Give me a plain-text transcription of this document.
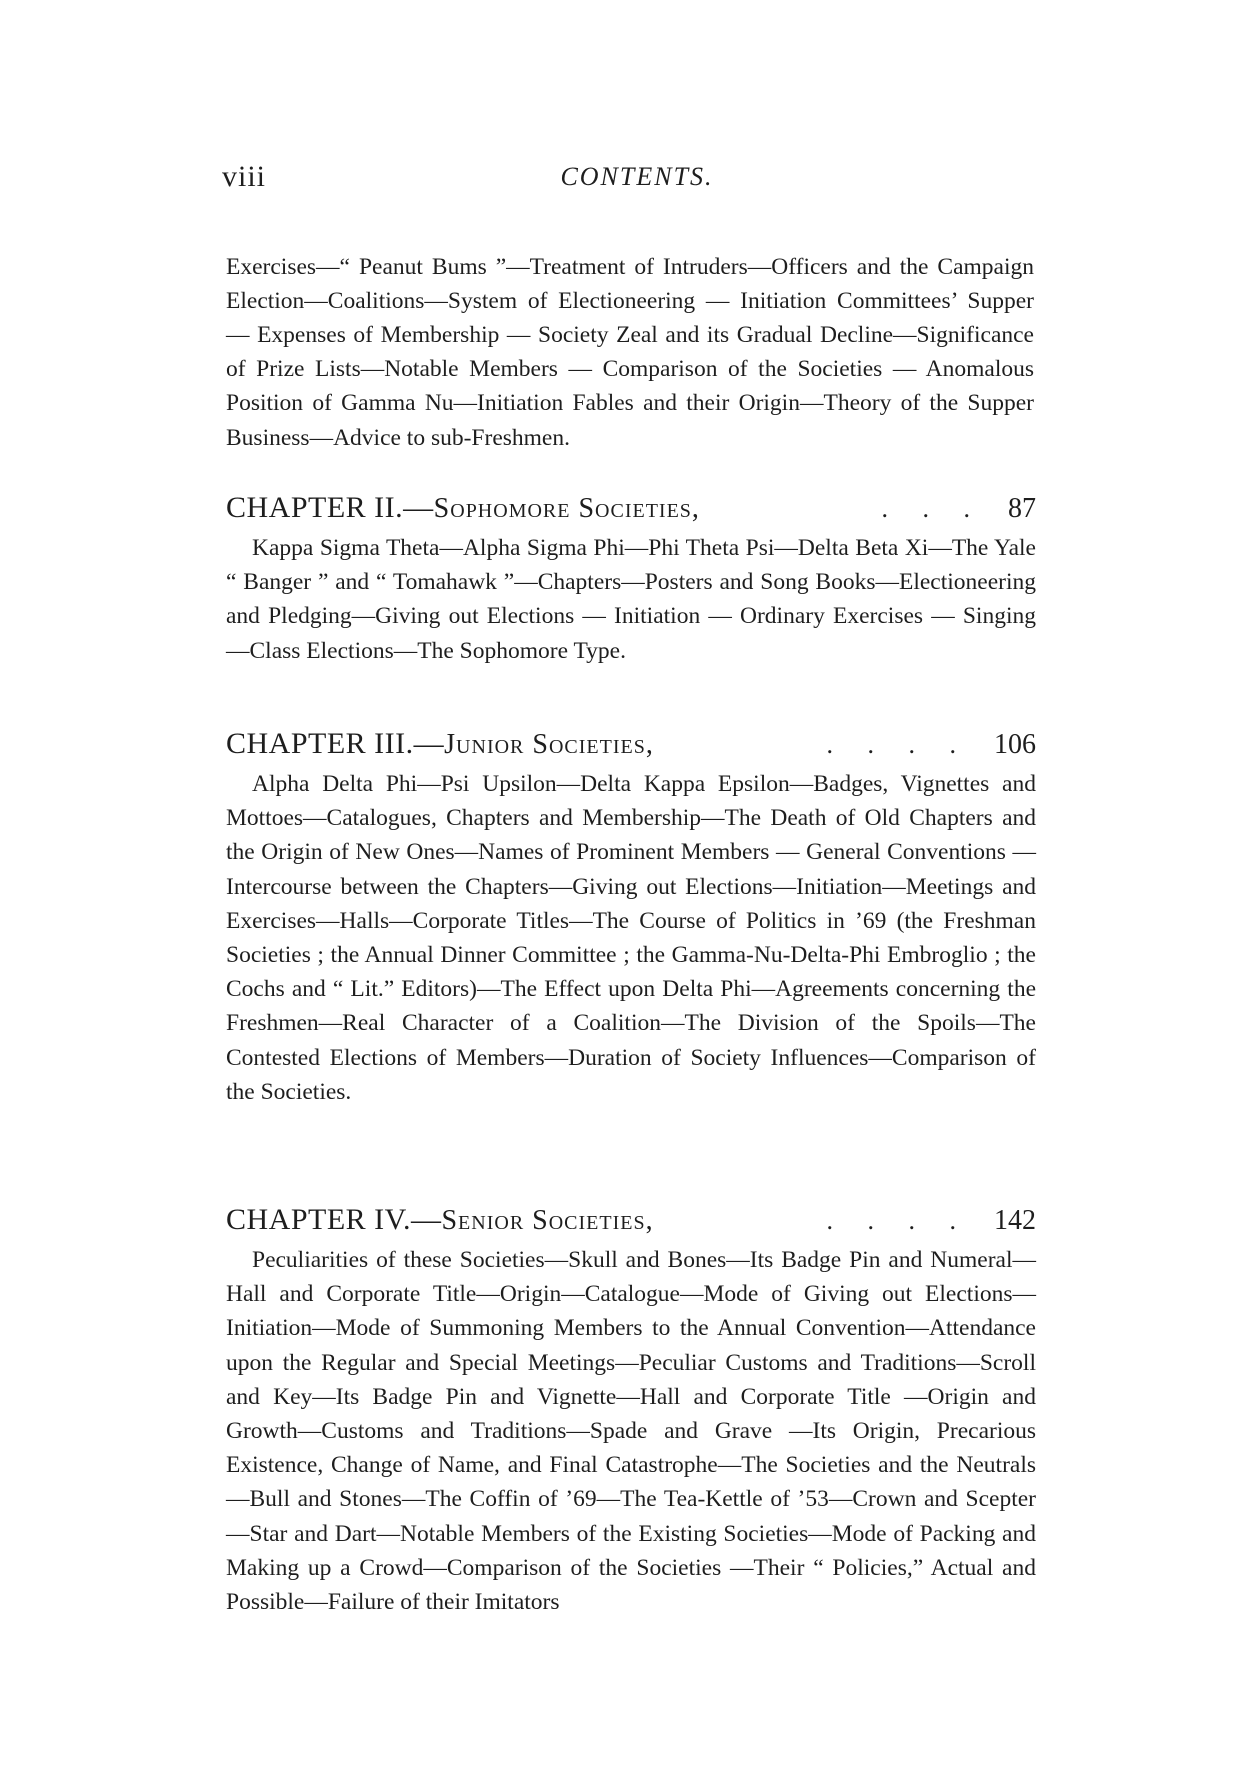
viii	CONTENTS.

Exercises—“ Peanut Bums ”—Treatment of Intruders—Officers and the Campaign Election—Coalitions—System of Electioneering — Initiation Committees’ Supper — Expenses of Membership — Society Zeal and its Gradual Decline—Significance of Prize Lists—Notable Members — Comparison of the Societies — Anomalous Position of Gamma Nu—Initiation Fables and their Origin—Theory of the Supper Business—Advice to sub-Freshmen.

CHAPTER II.— Sophomore Societies,	. . . 87

Kappa Sigma Theta—Alpha Sigma Phi—Phi Theta Psi—Delta Beta Xi—The Yale “ Banger ” and “ Tomahawk ”—Chapters—Posters and Song Books—Electioneering and Pledging—Giving out Elections — Initiation — Ordinary Exercises — Singing—Class Elections—The Sophomore Type.

CHAPTER III.— Junior Societies,	. . . . 106

Alpha Delta Phi—Psi Upsilon—Delta Kappa Epsilon—Badges, Vignettes and Mottoes—Catalogues, Chapters and Membership—The Death of Old Chapters and the Origin of New Ones—Names of Prominent Members — General Conventions — Intercourse between the Chapters—Giving out Elections—Initiation—Meetings and Exercises—Halls—Corporate Titles—The Course of Politics in ’69 (the Freshman Societies ; the Annual Dinner Committee ; the Gamma-Nu-Delta-Phi Embroglio ; the Cochs and “ Lit.” Editors)—The Effect upon Delta Phi—Agreements concerning the Freshmen—Real Character of a Coalition—The Division of the Spoils—The Contested Elections of Members—Duration of Society Influences—Comparison of the Societies.

CHAPTER IV.— Senior Societies,	. . . . 142

Peculiarities of these Societies—Skull and Bones—Its Badge Pin and Numeral— Hall and Corporate Title—Origin—Catalogue—Mode of Giving out Elections—Initiation—Mode of Summoning Members to the Annual Convention—Attendance upon the Regular and Special Meetings—Peculiar Customs and Traditions—Scroll and Key—Its Badge Pin and Vignette—Hall and Corporate Title —Origin and Growth—Customs and Traditions—Spade and Grave —Its Origin, Precarious Existence, Change of Name, and Final Catastrophe—The Societies and the Neutrals—Bull and Stones—The Coffin of ’69—The Tea-Kettle of ’53—Crown and Scepter—Star and Dart—Notable Members of the Existing Societies—Mode of Packing and Making up a Crowd—Comparison of the Societies —Their “ Policies,” Actual and Possible—Failure of their Imitators
